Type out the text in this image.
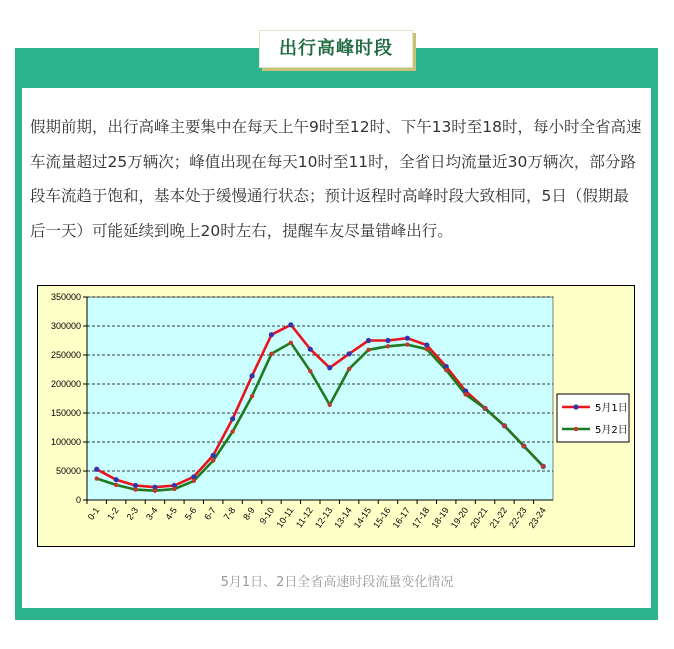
出行高峰时段

假期前期，出行高峰主要集中在每天上午9时至12时、下午13时至18时，每小时全省高速车流量超过25万辆次；峰值出现在每天10时至11时，全省日均流量近30万辆次，部分路段车流趋于饱和，基本处于缓慢通行状态；预计返程时高峰时段大致相同，5日（假期最后一天）可能延续到晚上20时左右，提醒车友尽量错峰出行。

0
50000
100000
150000
200000
250000
300000
350000
0-1 1-2 2-3 3-4 4-5 5-6 6-7 7-8 8-9 9-10
10-11
11-12
12-13
13-14
14-15
15-16
16-17
17-18
18-19
19-20
20-21
21-22
22-23
23-24
5月1日
5月2日
5月1日、2日全省高速时段流量变化情况
